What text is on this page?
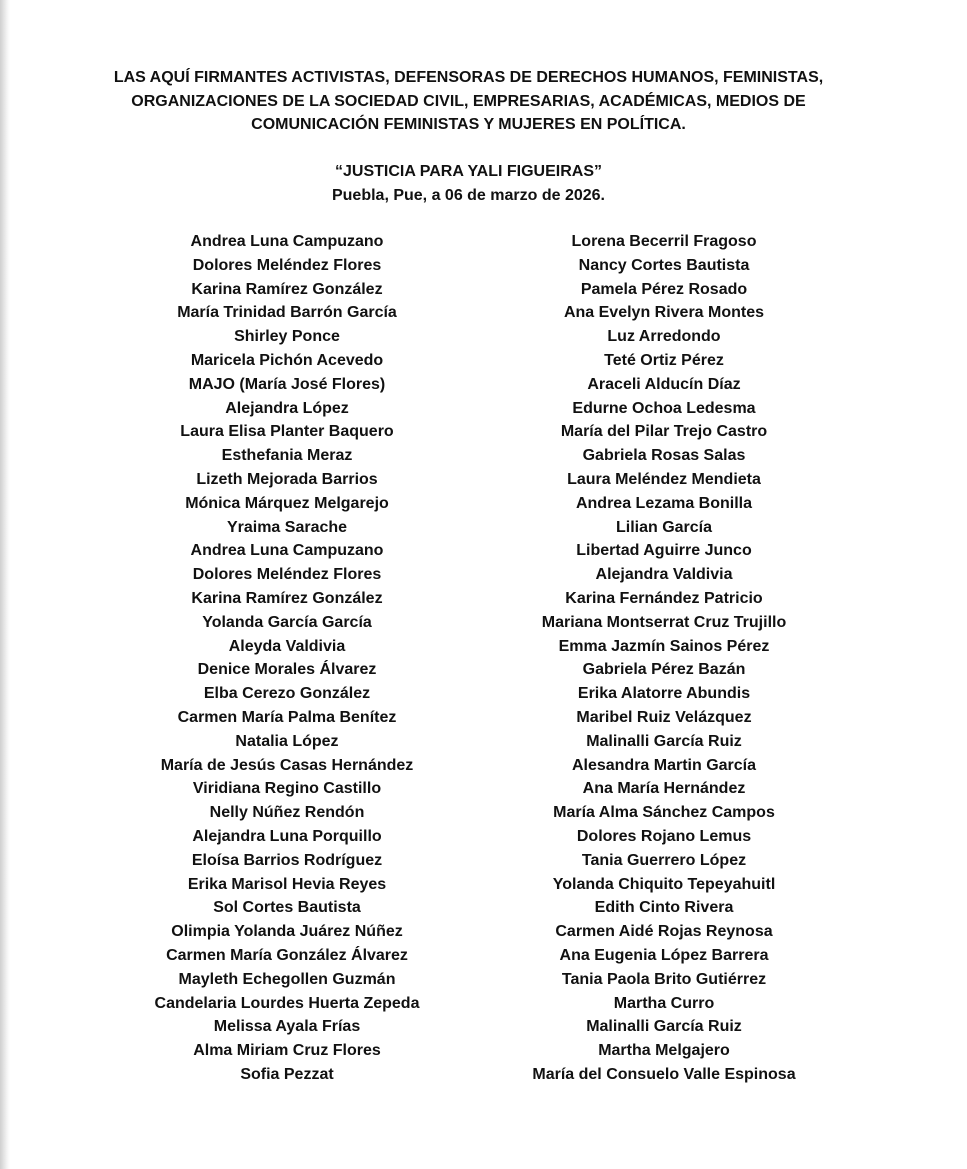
LAS AQUÍ FIRMANTES ACTIVISTAS, DEFENSORAS DE DERECHOS HUMANOS, FEMINISTAS,

ORGANIZACIONES DE LA SOCIEDAD CIVIL, EMPRESARIAS, ACADÉMICAS, MEDIOS DE

COMUNICACIÓN FEMINISTAS Y MUJERES EN POLÍTICA.

“JUSTICIA PARA YALI FIGUEIRAS”

Puebla, Pue, a 06 de marzo de 2026.

Andrea Luna Campuzano
Dolores Meléndez Flores
Karina Ramírez González
María Trinidad Barrón García
Shirley Ponce
Maricela Pichón Acevedo
MAJO (María José Flores)
Alejandra López
Laura Elisa Planter Baquero
Esthefania Meraz
Lizeth Mejorada Barrios
Mónica Márquez Melgarejo
Yraima Sarache
Andrea Luna Campuzano
Dolores Meléndez Flores
Karina Ramírez González
Yolanda García García
Aleyda Valdivia
Denice Morales Álvarez
Elba Cerezo González
Carmen María Palma Benítez
Natalia López
María de Jesús Casas Hernández
Viridiana Regino Castillo
Nelly Núñez Rendón
Alejandra Luna Porquillo
Eloísa Barrios Rodríguez
Erika Marisol Hevia Reyes
Sol Cortes Bautista
Olimpia Yolanda Juárez Núñez
Carmen María González Álvarez
Mayleth Echegollen Guzmán
Candelaria Lourdes Huerta Zepeda
Melissa Ayala Frías
Alma Miriam Cruz Flores
Sofia Pezzat
Lorena Becerril Fragoso
Nancy Cortes Bautista
Pamela Pérez Rosado
Ana Evelyn Rivera Montes
Luz Arredondo
Teté Ortiz Pérez
Araceli Alducín Díaz
Edurne Ochoa Ledesma
María del Pilar Trejo Castro
Gabriela Rosas Salas
Laura Meléndez Mendieta
Andrea Lezama Bonilla
Lilian García
Libertad Aguirre Junco
Alejandra Valdivia
Karina Fernández Patricio
Mariana Montserrat Cruz Trujillo
Emma Jazmín Sainos Pérez
Gabriela Pérez Bazán
Erika Alatorre Abundis
Maribel Ruiz Velázquez
Malinalli García Ruiz
Alesandra Martin García
Ana María Hernández
María Alma Sánchez Campos
Dolores Rojano Lemus
Tania Guerrero López
Yolanda Chiquito Tepeyahuitl
Edith Cinto Rivera
Carmen Aidé Rojas Reynosa
Ana Eugenia López Barrera
Tania Paola Brito Gutiérrez
Martha Curro
Malinalli García Ruiz
Martha Melgajero
María del Consuelo Valle Espinosa
